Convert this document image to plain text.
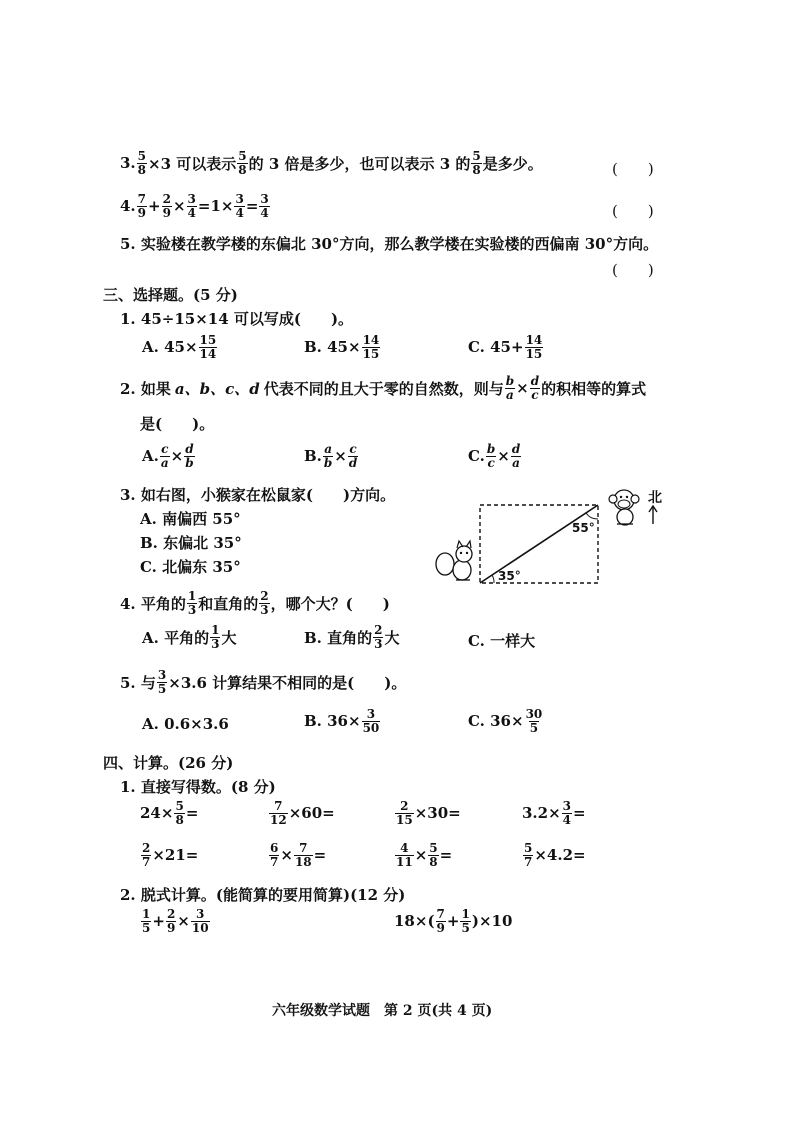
3. $\frac{5}{8} \times 3$ 可以表示 $\frac{5}{8}$ 的 3 倍是多少，也可以表示 3 的 $\frac{5}{8}$ 是多少。	(　　)
4. $\frac{7}{9} + \frac{2}{9} \times \frac{3}{4} =1\times \frac{3}{4} = \frac{3}{4}$	(　　)
5. 实验楼在教学楼的东偏北 30°方向，那么教学楼在实验楼的西偏南 30°方向。
(　　)
三、选择题。(5 分)
1. 45÷15×14 可以写成(　　)。
A. $45\times \frac{15}{14}$	B. $45\times \frac{14}{15}$	C. $45+ \frac{14}{15}$
2. 如果 a、b、c、d 代表不同的且大于零的自然数，则与 $\frac{b}{a} \times \frac{d}{c}$ 的积相等的算式
是(　　)。
A. $\frac{c}{a} \times \frac{d}{b}$	B. $\frac{a}{b} \times \frac{c}{d}$	C. $\frac{b}{c} \times \frac{d}{a}$
3. 如右图，小猴家在松鼠家(　　)方向。
A. 南偏西 55°
B. 东偏北 35°
C. 北偏东 35°	35°
55°
北
4. 平角的 $\frac{1}{3}$ 和直角的 $\frac{2}{3}$ ，哪个大？(　　)
A. 平角的 $\frac{1}{3}$ 大	B. 直角的 $\frac{2}{3}$ 大	C. 一样大
5. 与 $\frac{3}{5} \times 3.6$ 计算结果不相同的是(　　)。
A. 0.6×3.6	B. $36\times \frac{3}{50}$	C. $36\times \frac{30}{5}$
四、计算。(26 分)
1. 直接写得数。(8 分)
$24\times \frac{5}{8}$ =	$\frac{7}{12} \times 60=$	$\frac{2}{15} \times 30=$	$3.2\times \frac{3}{4}$ =
$\frac{2}{7} \times 21=$	$\frac{6}{7} \times \frac{7}{18}$ =	$\frac{4}{11} \times \frac{5}{8}$ =	$\frac{5}{7} \times 4.2=$
2. 脱式计算。(能简算的要用简算)(12 分)
$\frac{1}{5} + \frac{2}{9} \times \frac{3}{10}$	$18\times( \frac{7}{9} + \frac{1}{5} )\times 10$
六年级数学试题　第 2 页(共 4 页)
